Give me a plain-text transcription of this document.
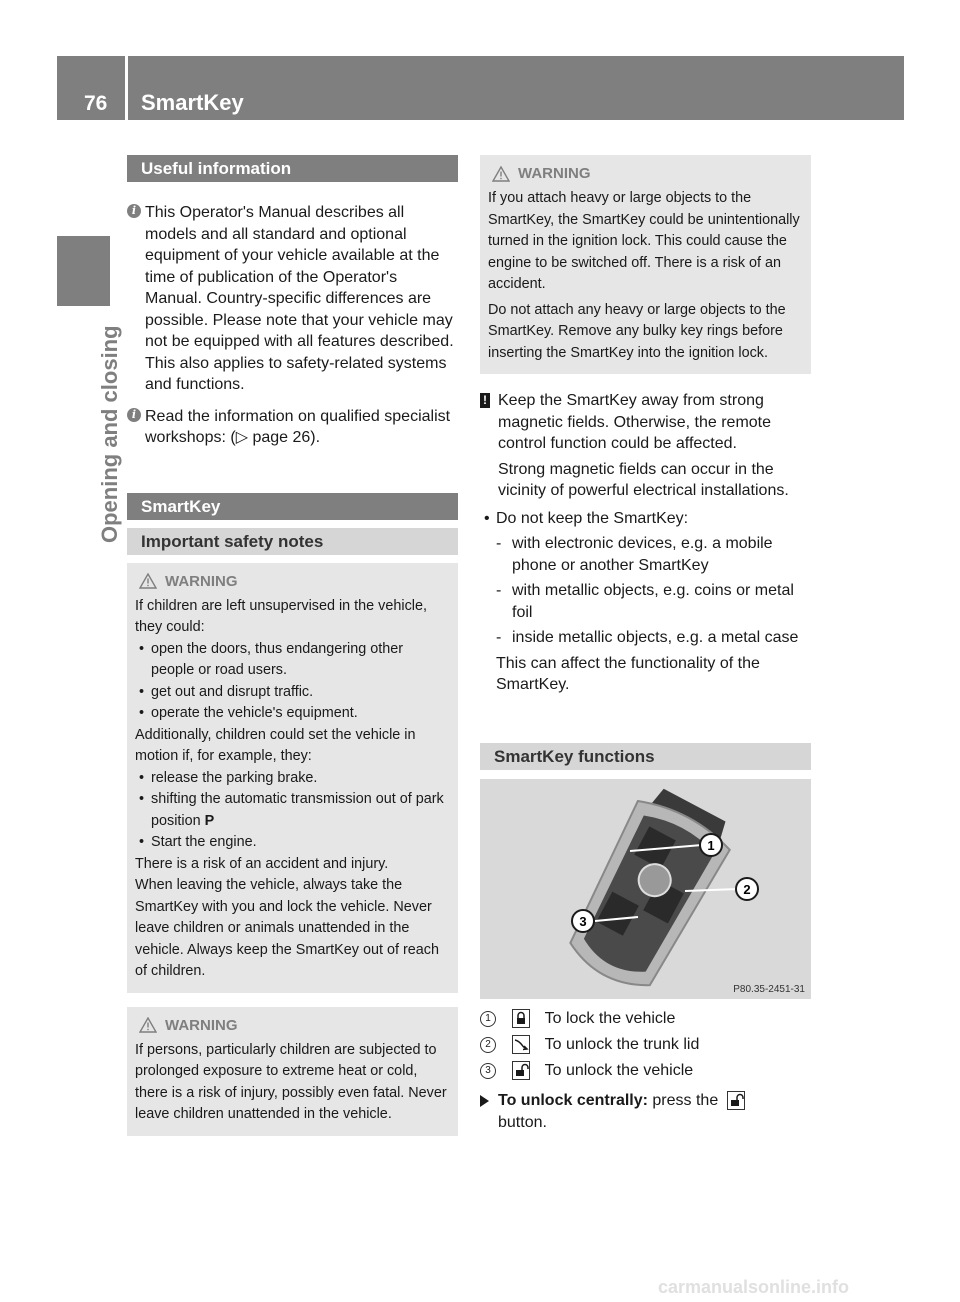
76 SmartKey
Opening and closing
Useful information
i This Operator's Manual describes all models and all standard and optional equipment of your vehicle available at the time of publication of the Operator's Manual. Country-specific differences are possible. Please note that your vehicle may not be equipped with all features described. This also applies to safety-related systems and functions.
i Read the information on qualified specialist workshops: (▷ page 26).
SmartKey
Important safety notes
WARNING

If children are left unsupervised in the vehicle, they could:

• open the doors, thus endangering other people or road users.

• get out and disrupt traffic.

• operate the vehicle's equipment.

Additionally, children could set the vehicle in motion if, for example, they:

• release the parking brake.

• shifting the automatic transmission out of park position P

• Start the engine.

There is a risk of an accident and injury.

When leaving the vehicle, always take the SmartKey with you and lock the vehicle. Never leave children or animals unattended in the vehicle. Always keep the SmartKey out of reach of children.

WARNING

If persons, particularly children are subjected to prolonged exposure to extreme heat or cold, there is a risk of injury, possibly even fatal. Never leave children unattended in the vehicle.

WARNING

If you attach heavy or large objects to the SmartKey, the SmartKey could be unintentionally turned in the ignition lock. This could cause the engine to be switched off. There is a risk of an accident.

Do not attach any heavy or large objects to the SmartKey. Remove any bulky key rings before inserting the SmartKey into the ignition lock.

! Keep the SmartKey away from strong magnetic fields. Otherwise, the remote control function could be affected.

Strong magnetic fields can occur in the vicinity of powerful electrical installations.

• Do not keep the SmartKey:

- with electronic devices, e.g. a mobile phone or another SmartKey

- with metallic objects, e.g. coins or metal foil

- inside metallic objects, e.g. a metal case

This can affect the functionality of the SmartKey.

SmartKey functions
1
2
3
P80.35-2451-31
1	To lock the vehicle
2	To unlock the trunk lid
3	To unlock the vehicle
To unlock centrally: press the
button.
carmanualsonline.info
